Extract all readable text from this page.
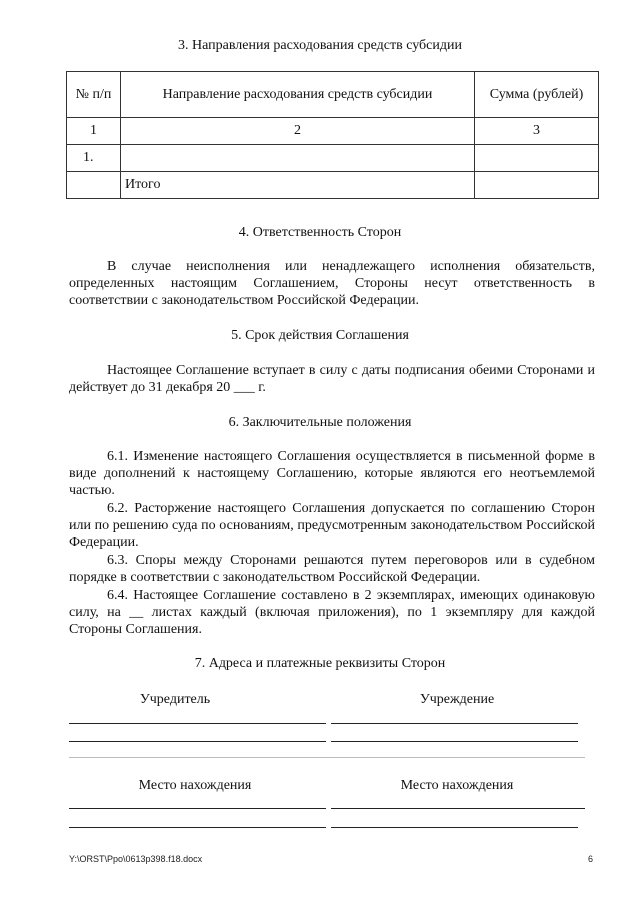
3. Направления расходования средств субсидии
№ п/п	Направление расходования средств субсидии	Сумма (рублей)
1	2	3
1.		
	Итого	
4. Ответственность Сторон
В случае неисполнения или ненадлежащего исполнения обязательств, определенных настоящим Соглашением, Стороны несут ответственность в соответствии с законодательством Российской Федерации.
5. Срок действия Соглашения
Настоящее Соглашение вступает в силу с даты подписания обеими Сторонами и действует до 31 декабря 20 ___ г.
6. Заключительные положения
6.1. Изменение настоящего Соглашения осуществляется в письменной форме в виде дополнений к настоящему Соглашению, которые являются его неотъемлемой частью.
6.2. Расторжение настоящего Соглашения допускается по соглашению Сторон или по решению суда по основаниям, предусмотренным законодательством Российской Федерации.
6.3. Споры между Сторонами решаются путем переговоров или в судебном порядке в соответствии с законодательством Российской Федерации.
6.4. Настоящее Соглашение составлено в 2 экземплярах, имеющих одинаковую силу, на __ листах каждый (включая приложения), по 1 экземпляру для каждой Стороны Соглашения.
7. Адреса и платежные реквизиты Сторон
Учредитель	Учреждение
Место нахождения	Место нахождения
Y:\ORST\Ppo\0613p398.f18.docx	6
